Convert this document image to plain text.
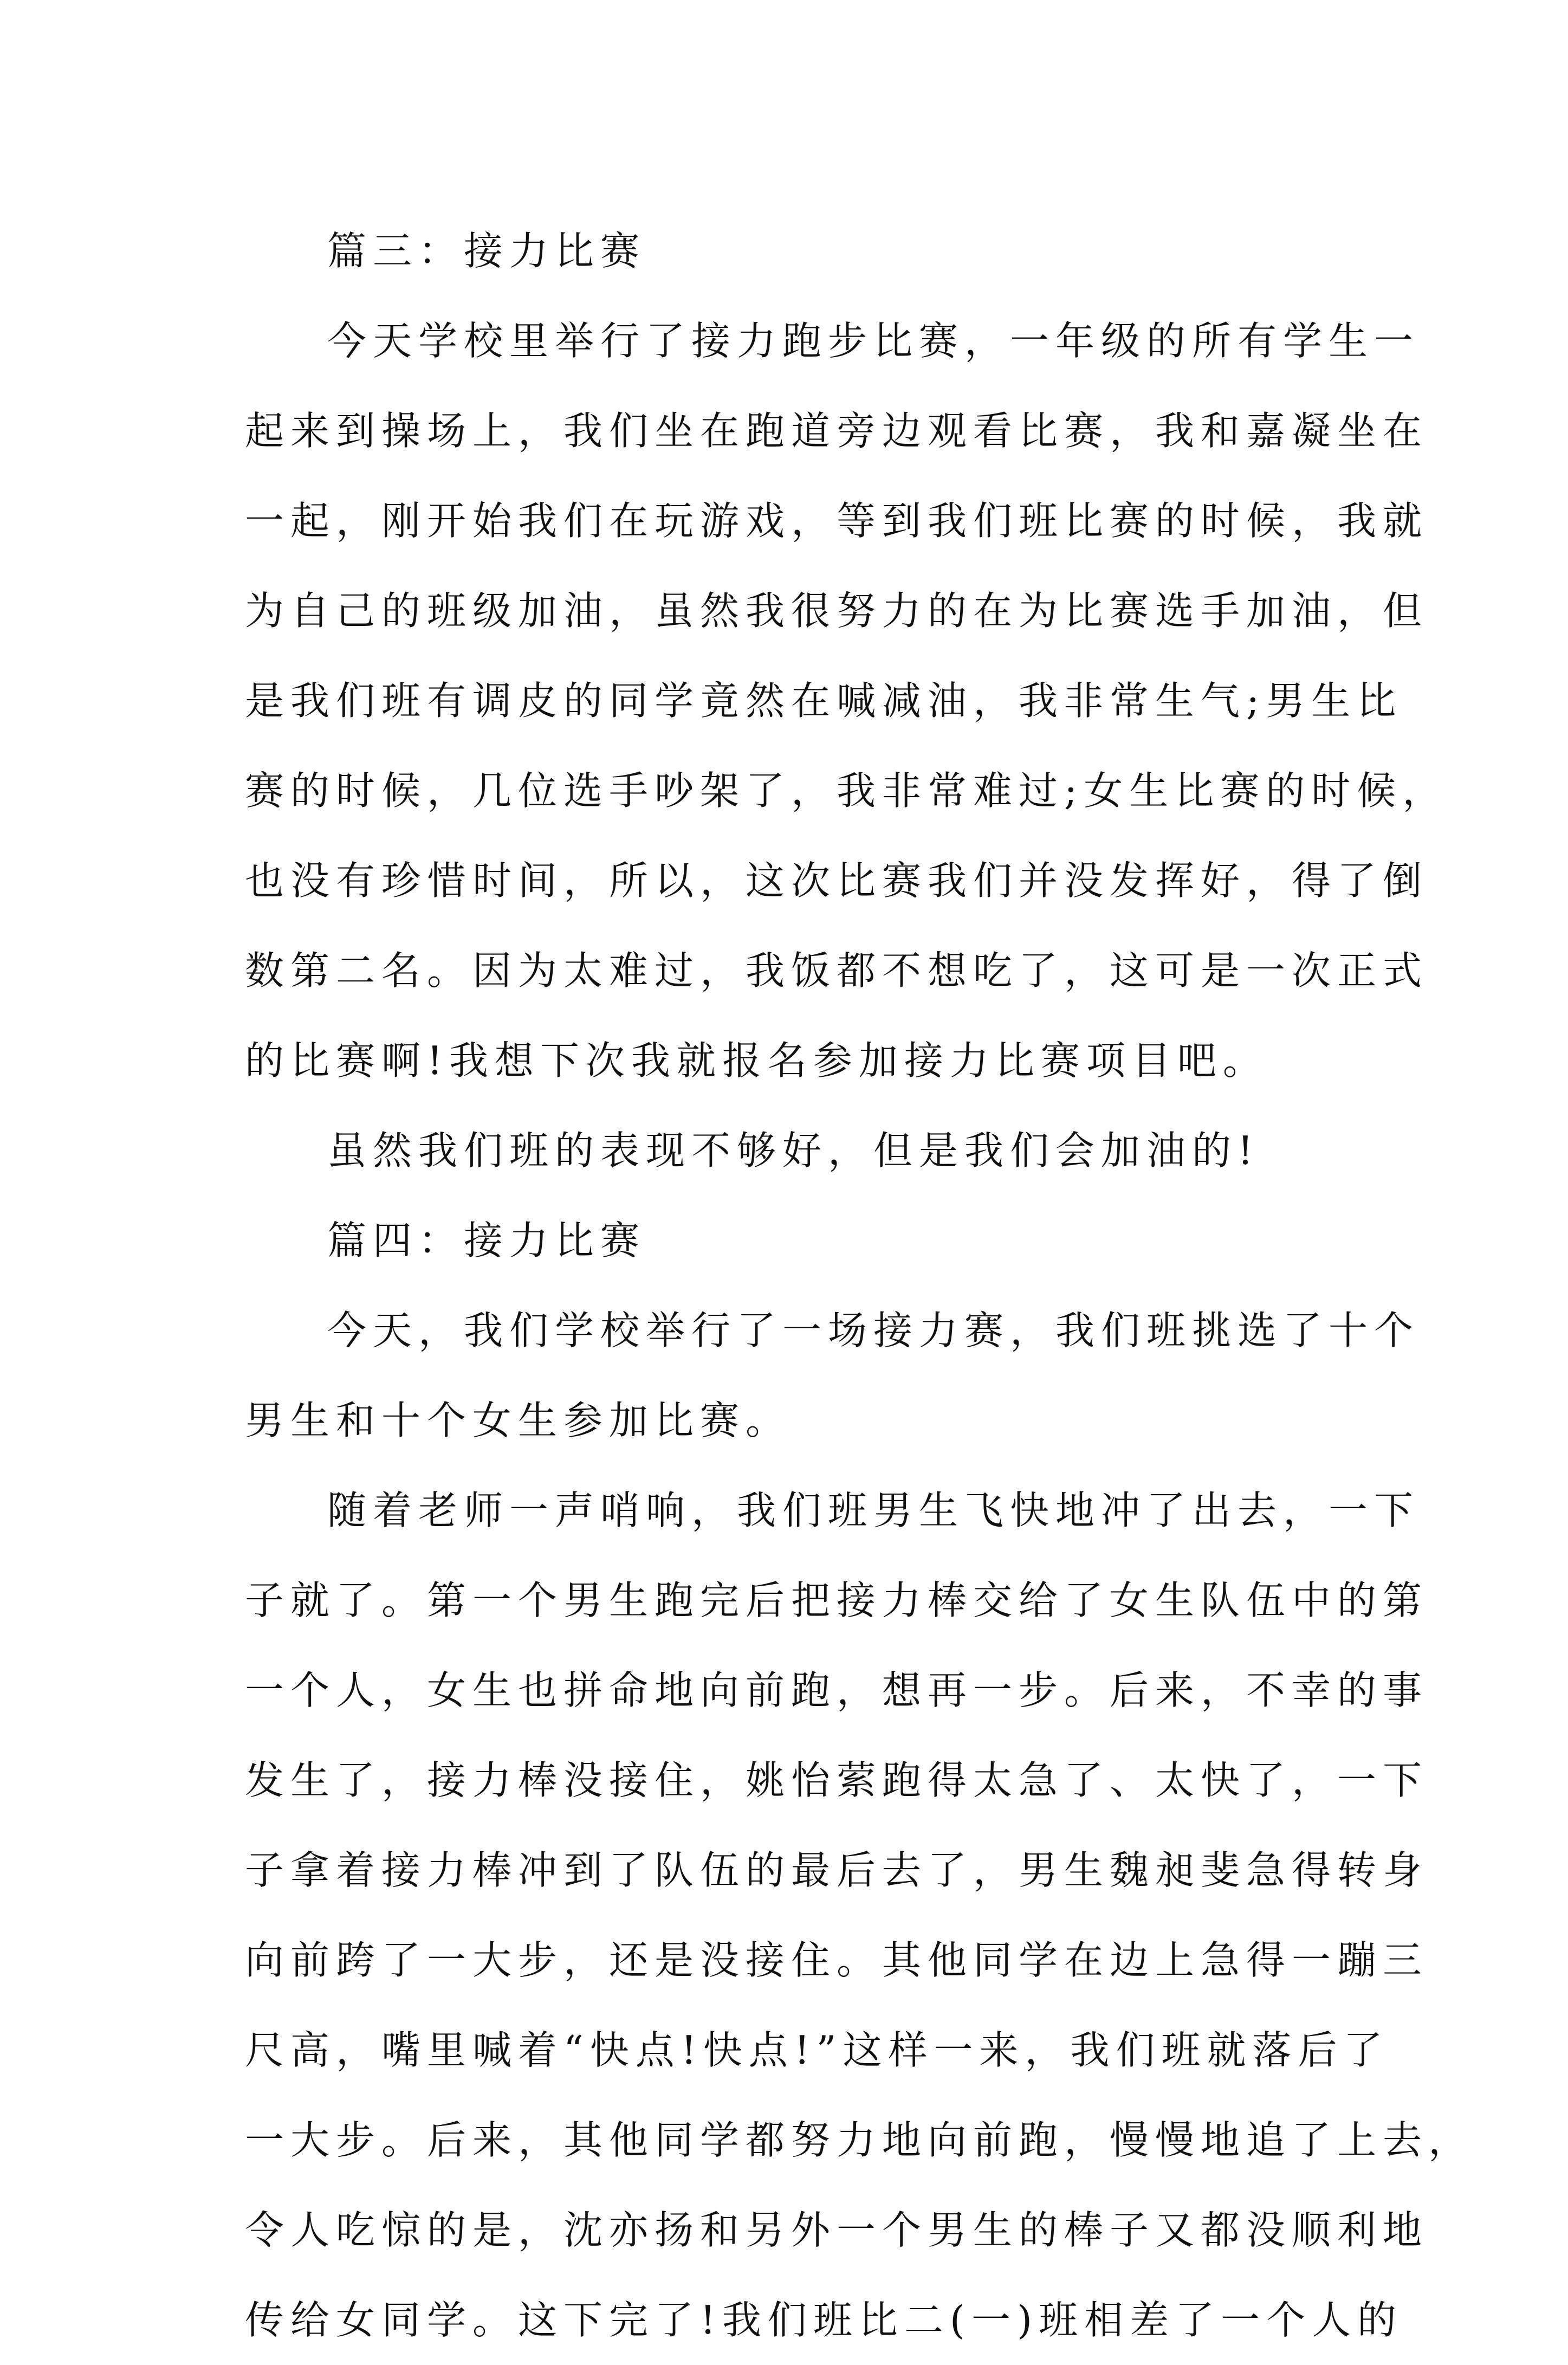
篇三：接力比赛
今天学校里举行了接力跑步比赛，一年级的所有学生一
起来到操场上，我们坐在跑道旁边观看比赛，我和嘉凝坐在
一起，刚开始我们在玩游戏，等到我们班比赛的时候，我就
为自己的班级加油，虽然我很努力的在为比赛选手加油，但
是我们班有调皮的同学竟然在喊减油，我非常生气;男生比
赛的时候，几位选手吵架了，我非常难过;女生比赛的时候，
也没有珍惜时间，所以，这次比赛我们并没发挥好，得了倒
数第二名。因为太难过，我饭都不想吃了，这可是一次正式
的比赛啊!我想下次我就报名参加接力比赛项目吧。
虽然我们班的表现不够好，但是我们会加油的!
篇四：接力比赛
今天，我们学校举行了一场接力赛，我们班挑选了十个
男生和十个女生参加比赛。
随着老师一声哨响，我们班男生飞快地冲了出去，一下
子就了。第一个男生跑完后把接力棒交给了女生队伍中的第
一个人，女生也拼命地向前跑，想再一步。后来，不幸的事
发生了，接力棒没接住，姚怡萦跑得太急了、太快了，一下
子拿着接力棒冲到了队伍的最后去了，男生魏昶斐急得转身
向前跨了一大步，还是没接住。其他同学在边上急得一蹦三
尺高，嘴里喊着“快点!快点!”这样一来，我们班就落后了
一大步。后来，其他同学都努力地向前跑，慢慢地追了上去，
令人吃惊的是，沈亦扬和另外一个男生的棒子又都没顺利地
传给女同学。这下完了!我们班比二(一)班相差了一个人的
